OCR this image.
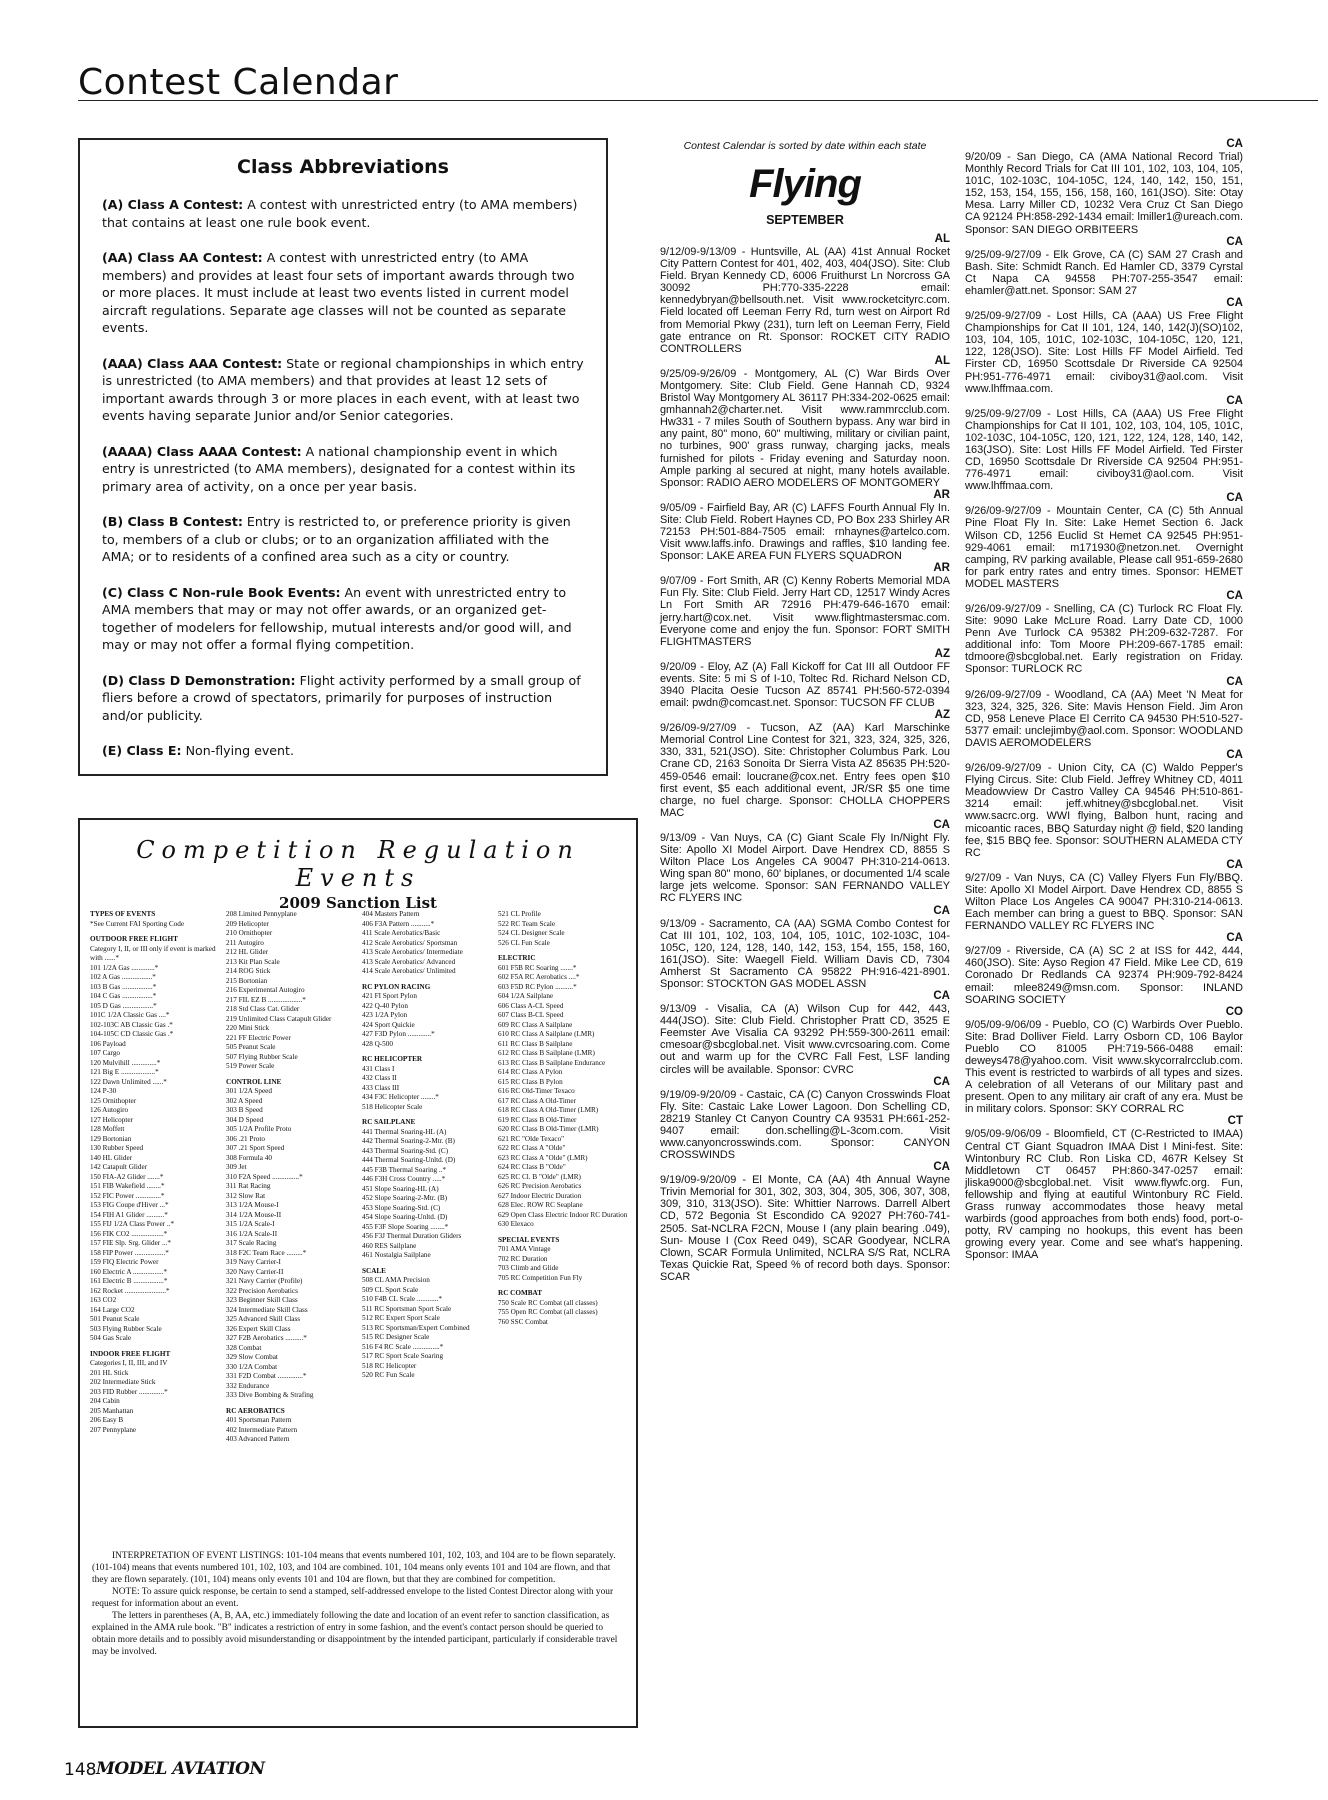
Contest Calendar
Class Abbreviations

(A) Class A Contest: A contest with unrestricted entry (to AMA members) that contains at least one rule book event.

(AA) Class AA Contest: A contest with unrestricted entry (to AMA members) and provides at least four sets of important awards through two or more places. It must include at least two events listed in current model aircraft regulations. Separate age classes will not be counted as separate events.

(AAA) Class AAA Contest: State or regional championships in which entry is unrestricted (to AMA members) and that provides at least 12 sets of important awards through 3 or more places in each event, with at least two events having separate Junior and/or Senior categories.

(AAAA) Class AAAA Contest: A national championship event in which entry is unrestricted (to AMA members), designated for a contest within its primary area of activity, on a once per year basis.

(B) Class B Contest: Entry is restricted to, or preference priority is given to, members of a club or clubs; or to an organization affiliated with the AMA; or to residents of a confined area such as a city or country.

(C) Class C Non-rule Book Events: An event with unrestricted entry to AMA members that may or may not offer awards, or an organized get-together of modelers for fellowship, mutual interests and/or good will, and may or may not offer a formal flying competition.

(D) Class D Demonstration: Flight activity performed by a small group of fliers before a crowd of spectators, primarily for purposes of instruction and/or publicity.

(E) Class E: Non-flying event.

Competition Regulation Events
2009 Sanction List
TYPES OF EVENTS
*See Current FAI Sporting Code
OUTDOOR FREE FLIGHT
Category I, II, or III only if event is marked with ......*
101 1/2A Gas .............*
102 A Gas .................*
103 B Gas .................*
104 C Gas .................*
105 D Gas .................*
101C 1/2A Classic Gas ....*
102-103C AB Classic Gas .*
104-105C CD Classic Gas .*
106 Payload
107 Cargo
120 Mulvihill ..............*
121 Big E ...................*
122 Dawn Unlimited ......*
124 P-30
125 Ornithopter
126 Autogiro
127 Helicopter
128 Moffett
129 Bortonian
130 Rubber Speed
140 HL Glider
142 Catapult Glider
150 FIA-A2 Glider .......*
151 FIB Wakefield ........*
152 FIC Power ..............*
153 FIG Coupe d'Hiver ...*
154 FIH A1 Glider ..........*
155 FIJ 1/2A Class Power ..*
156 FIK CO2 ..................*
157 FIE Slp. Srg. Glider ...*
158 FIP Power .................*
159 FIQ Electric Power
160 Electric A .................*
161 Electric B .................*
162 Rocket .......................*
163 CO2
164 Large CO2
501 Peanut Scale
503 Flying Rubber Scale
504 Gas Scale
INDOOR FREE FLIGHT
Categories I, II, III, and IV
201 HL Stick
202 Intermediate Stick
203 FID Rubber ..............*
204 Cabin
205 Manhattan
206 Easy B
207 Pennyplane
208 Limited Pennyplane
209 Helicopter
210 Ornithopter
211 Autogiro
212 HL Glider
213 Kit Plan Scale
214 ROG Stick
215 Bortonian
216 Experimental Autogiro
217 FIL EZ B ...................*
218 Std Class Cat. Glider
219 Unlimited Class Catapult Glider
220 Mini Stick
221 FF Electric Power
505 Peanut Scale
507 Flying Rubber Scale
519 Power Scale
CONTROL LINE
301 1/2A Speed
302 A Speed
303 B Speed
304 D Speed
305 1/2A Profile Proto
306 .21 Proto
307 .21 Sport Speed
308 Formula 40
309 Jet
310 F2A Speed ...............*
311 Rat Racing
312 Slow Rat
313 1/2A Mouse-I
314 1/2A Mouse-II
315 1/2A Scale-I
316 1/2A Scale-II
317 Scale Racing
318 F2C Team Race .........*
319 Navy Carrier-I
320 Navy Carrier-II
321 Navy Carrier (Profile)
322 Precision Aerobatics
323 Beginner Skill Class
324 Intermediate Skill Class
325 Advanced Skill Class
326 Expert Skill Class
327 F2B Aerobatics ..........*
328 Combat
329 Slow Combat
330 1/2A Combat
331 F2D Combat ..............*
332 Endurance
333 Dive Bombing & Strafing
RC AEROBATICS
401 Sportsman Pattern
402 Intermediate Pattern
403 Advanced Pattern
404 Masters Pattern
406 F3A Pattern ...........*
411 Scale Aerobatics/Basic
412 Scale Aerobatics/ Sportsman
413 Scale Aerobatics/ Intermediate
413 Scale Aerobatics/ Advanced
414 Scale Aerobatics/ Unlimited
RC PYLON RACING
421 FI Sport Pylon
422 Q-40 Pylon
423 1/2A Pylon
424 Sport Quickie
427 F3D Pylon .............*
428 Q-500
RC HELICOPTER
431 Class I
432 Class II
433 Class III
434 F3C Helicopter ........*
518 Helicopter Scale
RC SAILPLANE
441 Thermal Soaring-HL (A)
442 Thermal Soaring-2-Mtr. (B)
443 Thermal Soaring-Std. (C)
444 Thermal Soaring-Unltd. (D)
445 F3B Thermal Soaring ..*
446 F3H Cross Country .....*
451 Slope Soaring-HL (A)
452 Slope Soaring-2-Mtr. (B)
453 Slope Soaring-Std. (C)
454 Slope Soaring-Unltd. (D)
455 F3F Slope Soaring ........*
456 F3J Thermal Duration Gliders
460 RES Sailplane
461 Nostalgia Sailplane
SCALE
508 CL AMA Precision
509 CL Sport Scale
510 F4B CL Scale ............*
511 RC Sportsman Sport Scale
512 RC Expert Sport Scale
513 RC Sportsman/Expert Combined
515 RC Designer Scale
516 F4 RC Scale ...............*
517 RC Sport Scale Soaring
518 RC Helicopter
520 RC Fun Scale
521 CL Profile
522 RC Team Scale
524 CL Designer Scale
526 CL Fun Scale
ELECTRIC
601 F5B RC Soaring .......*
602 F5A RC Aerobatics ....*
603 F5D RC Pylon ..........*
604 1/2A Sailplane
606 Class A-CL Speed
607 Class B-CL Speed
609 RC Class A Sailplane
610 RC Class A Sailplane (LMR)
611 RC Class B Sailplane
612 RC Class B Sailplane (LMR)
613 RC Class B Sailplane Endurance
614 RC Class A Pylon
615 RC Class B Pylon
616 RC Old-Timer Texaco
617 RC Class A Old-Timer
618 RC Class A Old-Timer (LMR)
619 RC Class B Old-Timer
620 RC Class B Old-Timer (LMR)
621 RC "Olde Texaco"
622 RC Class A "Olde"
623 RC Class A "Olde" (LMR)
624 RC Class B "Olde"
625 RC Cl. B "Olde" (LMR)
626 RC Precision Aerobatics
627 Indoor Electric Duration
628 Elec. ROW RC Seaplane
629 Open Class Electric Indoor RC Duration
630 Elexaco
SPECIAL EVENTS
701 AMA Vintage
702 RC Duration
703 Climb and Glide
705 RC Competition Fun Fly
RC COMBAT
750 Scale RC Combat (all classes)
755 Open RC Combat (all classes)
760 SSC Combat

INTERPRETATION OF EVENT LISTINGS: 101-104 means that events numbered 101, 102, 103, and 104 are to be flown separately. (101-104) means that events numbered 101, 102, 103, and 104 are combined. 101, 104 means only events 101 and 104 are flown, and that they are flown separately. (101, 104) means only events 101 and 104 are flown, but that they are combined for competition.

NOTE: To assure quick response, be certain to send a stamped, self-addressed envelope to the listed Contest Director along with your request for information about an event.

The letters in parentheses (A, B, AA, etc.) immediately following the date and location of an event refer to sanction classification, as explained in the AMA rule book. "B" indicates a restriction of entry in some fashion, and the event's contact person should be queried to obtain more details and to possibly avoid misunderstanding or disappointment by the intended participant, particularly if considerable travel may be involved.

Contest Calendar is sorted by date within each state
Flying
SEPTEMBER
AL
9/12/09-9/13/09 - Huntsville, AL (AA) 41st Annual Rocket City Pattern Contest for 401, 402, 403, 404(JSO). Site: Club Field. Bryan Kennedy CD, 6006 Fruithurst Ln Norcross GA 30092 PH:770-335-2228 email: kennedybryan@bellsouth.net. Visit www.rocketcityrc.com. Field located off Leeman Ferry Rd, turn west on Airport Rd from Memorial Pkwy (231), turn left on Leeman Ferry, Field gate entrance on Rt. Sponsor: ROCKET CITY RADIO CONTROLLERS
AL
9/25/09-9/26/09 - Montgomery, AL (C) War Birds Over Montgomery. Site: Club Field. Gene Hannah CD, 9324 Bristol Way Montgomery AL 36117 PH:334-202-0625 email: gmhannah2@charter.net. Visit www.rammrcclub.com. Hw331 - 7 miles South of Southern bypass. Any war bird in any paint, 80" mono, 60" multiwing, military or civilian paint, no turbines, 900' grass runway, charging jacks, meals furnished for pilots - Friday evening and Saturday noon. Ample parking al secured at night, many hotels available. Sponsor: RADIO AERO MODELERS OF MONTGOMERY
AR
9/05/09 - Fairfield Bay, AR (C) LAFFS Fourth Annual Fly In. Site: Club Field. Robert Haynes CD, PO Box 233 Shirley AR 72153 PH:501-884-7505 email: rnhaynes@artelco.com. Visit www.laffs.info. Drawings and raffles, $10 landing fee. Sponsor: LAKE AREA FUN FLYERS SQUADRON
AR
9/07/09 - Fort Smith, AR (C) Kenny Roberts Memorial MDA Fun Fly. Site: Club Field. Jerry Hart CD, 12517 Windy Acres Ln Fort Smith AR 72916 PH:479-646-1670 email: jerry.hart@cox.net. Visit www.flightmastersmac.com. Everyone come and enjoy the fun. Sponsor: FORT SMITH FLIGHTMASTERS
AZ
9/20/09 - Eloy, AZ (A) Fall Kickoff for Cat III all Outdoor FF events. Site: 5 mi S of I-10, Toltec Rd. Richard Nelson CD, 3940 Placita Oesie Tucson AZ 85741 PH:560-572-0394 email: pwdn@comcast.net. Sponsor: TUCSON FF CLUB
AZ
9/26/09-9/27/09 - Tucson, AZ (AA) Karl Marschinke Memorial Control Line Contest for 321, 323, 324, 325, 326, 330, 331, 521(JSO). Site: Christopher Columbus Park. Lou Crane CD, 2163 Sonoita Dr Sierra Vista AZ 85635 PH:520-459-0546 email: loucrane@cox.net. Entry fees open $10 first event, $5 each additional event, JR/SR $5 one time charge, no fuel charge. Sponsor: CHOLLA CHOPPERS MAC
CA
9/13/09 - Van Nuys, CA (C) Giant Scale Fly In/Night Fly. Site: Apollo XI Model Airport. Dave Hendrex CD, 8855 S Wilton Place Los Angeles CA 90047 PH:310-214-0613. Wing span 80" mono, 60' biplanes, or documented 1/4 scale large jets welcome. Sponsor: SAN FERNANDO VALLEY RC FLYERS INC
CA
9/13/09 - Sacramento, CA (AA) SGMA Combo Contest for Cat III 101, 102, 103, 104, 105, 101C, 102-103C, 104-105C, 120, 124, 128, 140, 142, 153, 154, 155, 158, 160, 161(JSO). Site: Waegell Field. William Davis CD, 7304 Amherst St Sacramento CA 95822 PH:916-421-8901. Sponsor: STOCKTON GAS MODEL ASSN
CA
9/13/09 - Visalia, CA (A) Wilson Cup for 442, 443, 444(JSO). Site: Club Field. Christopher Pratt CD, 3525 E Feemster Ave Visalia CA 93292 PH:559-300-2611 email: cmesoar@sbcglobal.net. Visit www.cvrcsoaring.com. Come out and warm up for the CVRC Fall Fest, LSF landing circles will be available. Sponsor: CVRC
CA
9/19/09-9/20/09 - Castaic, CA (C) Canyon Crosswinds Float Fly. Site: Castaic Lake Lower Lagoon. Don Schelling CD, 28219 Stanley Ct Canyon Country CA 93531 PH:661-252-9407 email: don.schelling@L-3com.com. Visit www.canyoncrosswinds.com. Sponsor: CANYON CROSSWINDS
CA
9/19/09-9/20/09 - El Monte, CA (AA) 4th Annual Wayne Trivin Memorial for 301, 302, 303, 304, 305, 306, 307, 308, 309, 310, 313(JSO). Site: Whittier Narrows. Darrell Albert CD, 572 Begonia St Escondido CA 92027 PH:760-741-2505. Sat-NCLRA F2CN, Mouse I (any plain bearing .049), Sun- Mouse I (Cox Reed 049), SCAR Goodyear, NCLRA Clown, SCAR Formula Unlimited, NCLRA S/S Rat, NCLRA Texas Quickie Rat, Speed % of record both days. Sponsor: SCAR
CA
9/20/09 - San Diego, CA (AMA National Record Trial) Monthly Record Trials for Cat III 101, 102, 103, 104, 105, 101C, 102-103C, 104-105C, 124, 140, 142, 150, 151, 152, 153, 154, 155, 156, 158, 160, 161(JSO). Site: Otay Mesa. Larry Miller CD, 10232 Vera Cruz Ct San Diego CA 92124 PH:858-292-1434 email: lmiller1@ureach.com. Sponsor: SAN DIEGO ORBITEERS
CA
9/25/09-9/27/09 - Elk Grove, CA (C) SAM 27 Crash and Bash. Site: Schmidt Ranch. Ed Hamler CD, 3379 Cyrstal Ct Napa CA 94558 PH:707-255-3547 email: ehamler@att.net. Sponsor: SAM 27
CA
9/25/09-9/27/09 - Lost Hills, CA (AAA) US Free Flight Championships for Cat II 101, 124, 140, 142(J)(SO)102, 103, 104, 105, 101C, 102-103C, 104-105C, 120, 121, 122, 128(JSO). Site: Lost Hills FF Model Airfield. Ted Firster CD, 16950 Scottsdale Dr Riverside CA 92504 PH:951-776-4971 email: civiboy31@aol.com. Visit www.lhffmaa.com.
CA
9/25/09-9/27/09 - Lost Hills, CA (AAA) US Free Flight Championships for Cat II 101, 102, 103, 104, 105, 101C, 102-103C, 104-105C, 120, 121, 122, 124, 128, 140, 142, 163(JSO). Site: Lost Hills FF Model Airfield. Ted Firster CD, 16950 Scottsdale Dr Riverside CA 92504 PH:951-776-4971 email: civiboy31@aol.com. Visit www.lhffmaa.com.
CA
9/26/09-9/27/09 - Mountain Center, CA (C) 5th Annual Pine Float Fly In. Site: Lake Hemet Section 6. Jack Wilson CD, 1256 Euclid St Hemet CA 92545 PH:951-929-4061 email: m171930@netzon.net. Overnight camping, RV parking available, Please call 951-659-2680 for park entry rates and entry times. Sponsor: HEMET MODEL MASTERS
CA
9/26/09-9/27/09 - Snelling, CA (C) Turlock RC Float Fly. Site: 9090 Lake McLure Road. Larry Date CD, 1000 Penn Ave Turlock CA 95382 PH:209-632-7287. For additional info: Tom Moore PH:209-667-1785 email: tdmoore@sbcglobal.net. Early registration on Friday. Sponsor: TURLOCK RC
CA
9/26/09-9/27/09 - Woodland, CA (AA) Meet 'N Meat for 323, 324, 325, 326. Site: Mavis Henson Field. Jim Aron CD, 958 Leneve Place El Cerrito CA 94530 PH:510-527-5377 email: unclejimby@aol.com. Sponsor: WOODLAND DAVIS AEROMODELERS
CA
9/26/09-9/27/09 - Union City, CA (C) Waldo Pepper's Flying Circus. Site: Club Field. Jeffrey Whitney CD, 4011 Meadowview Dr Castro Valley CA 94546 PH:510-861-3214 email: jeff.whitney@sbcglobal.net. Visit www.sacrc.org. WWI flying, Balbon hunt, racing and micoantic races, BBQ Saturday night @ field, $20 landing fee, $15 BBQ fee. Sponsor: SOUTHERN ALAMEDA CTY RC
CA
9/27/09 - Van Nuys, CA (C) Valley Flyers Fun Fly/BBQ. Site: Apollo XI Model Airport. Dave Hendrex CD, 8855 S Wilton Place Los Angeles CA 90047 PH:310-214-0613. Each member can bring a guest to BBQ. Sponsor: SAN FERNANDO VALLEY RC FLYERS INC
CA
9/27/09 - Riverside, CA (A) SC 2 at ISS for 442, 444, 460(JSO). Site: Ayso Region 47 Field. Mike Lee CD, 619 Coronado Dr Redlands CA 92374 PH:909-792-8424 email: mlee8249@msn.com. Sponsor: INLAND SOARING SOCIETY
CO
9/05/09-9/06/09 - Pueblo, CO (C) Warbirds Over Pueblo. Site: Brad Dolliver Field. Larry Osborn CD, 106 Baylor Pueblo CO 81005 PH:719-566-0488 email: deweys478@yahoo.com. Visit www.skycorralrcclub.com. This event is restricted to warbirds of all types and sizes. A celebration of all Veterans of our Military past and present. Open to any military air craft of any era. Must be in military colors. Sponsor: SKY CORRAL RC
CT
9/05/09-9/06/09 - Bloomfield, CT (C-Restricted to IMAA) Central CT Giant Squadron IMAA Dist I Mini-fest. Site: Wintonbury RC Club. Ron Liska CD, 467R Kelsey St Middletown CT 06457 PH:860-347-0257 email: jliska9000@sbcglobal.net. Visit www.flywfc.org. Fun, fellowship and flying at eautiful Wintonbury RC Field. Grass runway accommodates those heavy metal warbirds (good approaches from both ends) food, port-o-potty, RV camping no hookups, this event has been growing every year. Come and see what's happening. Sponsor: IMAA
148 MODEL AVIATION
